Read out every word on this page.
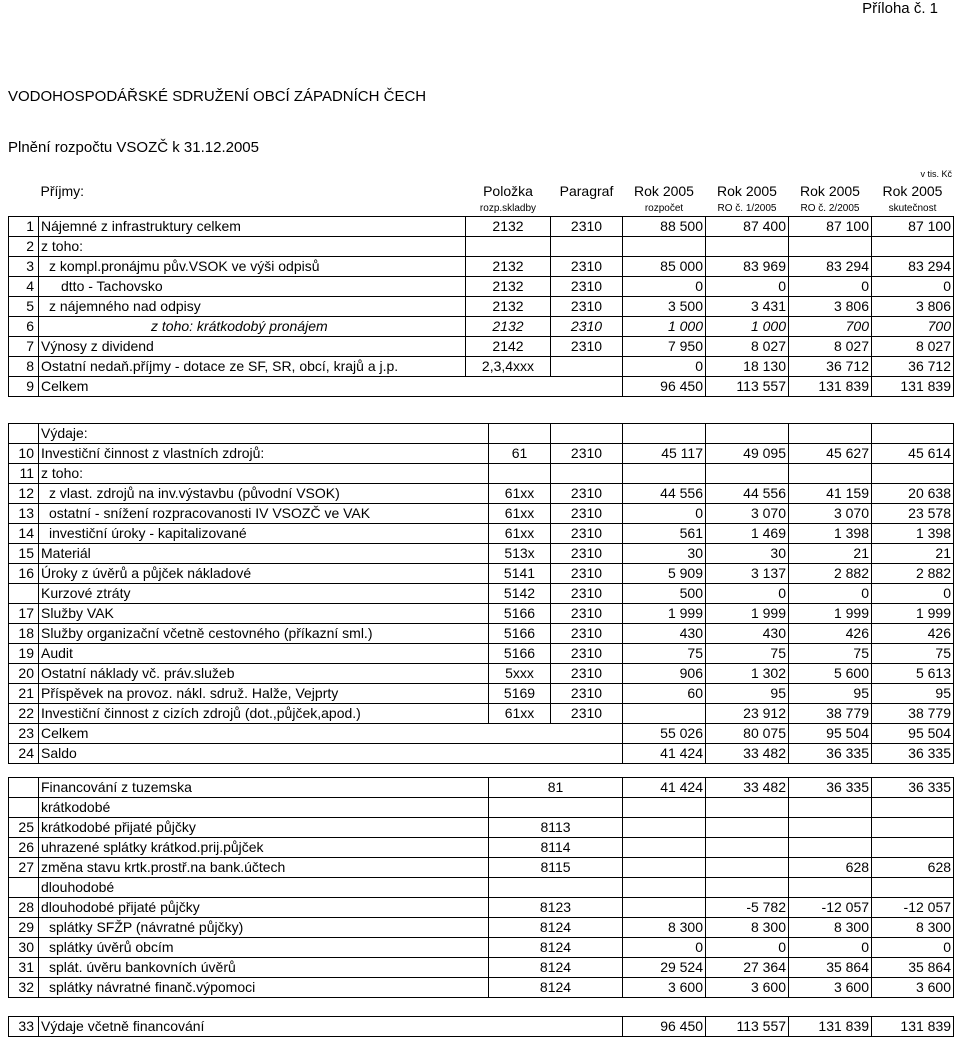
Příloha č. 1
VODOHOSPODÁŘSKÉ SDRUŽENÍ OBCÍ ZÁPADNÍCH ČECH
Plnění rozpočtu VSOZČ k 31.12.2005
v tis. Kč
	Příjmy:	Položka	Paragraf	Rok 2005	Rok 2005	Rok 2005	Rok 2005
		rozp.skladby		rozpočet	RO č. 1/2005	RO č. 2/2005	skutečnost
1	Nájemné z infrastruktury celkem	2132	2310	88 500	87 400	87 100	87 100
2	z toho:						
3	z kompl.pronájmu pův.VSOK ve výši odpisů	2132	2310	85 000	83 969	83 294	83 294
4	dtto - Tachovsko	2132	2310	0	0	0	0
5	z nájemného nad odpisy	2132	2310	3 500	3 431	3 806	3 806
6	z toho: krátkodobý pronájem	2132	2310	1 000	1 000	700	700
7	Výnosy z dividend	2142	2310	7 950	8 027	8 027	8 027
8	Ostatní nedaň.příjmy - dotace ze SF, SR, obcí, krajů a j.p.	2,3,4xxx		0	18 130	36 712	36 712
9	Celkem			96 450	113 557	131 839	131 839
	Výdaje:						
10	Investiční činnost z vlastních zdrojů:	61	2310	45 117	49 095	45 627	45 614
11	z toho:						
12	z vlast. zdrojů na inv.výstavbu (původní VSOK)	61xx	2310	44 556	44 556	41 159	20 638
13	ostatní - snížení rozpracovanosti IV VSOZČ ve VAK	61xx	2310	0	3 070	3 070	23 578
14	investiční úroky - kapitalizované	61xx	2310	561	1 469	1 398	1 398
15	Materiál	513x	2310	30	30	21	21
16	Úroky z úvěrů a půjček nákladové	5141	2310	5 909	3 137	2 882	2 882
	Kurzové ztráty	5142	2310	500	0	0	0
17	Služby VAK	5166	2310	1 999	1 999	1 999	1 999
18	Služby organizační včetně cestovného (příkazní sml.)	5166	2310	430	430	426	426
19	Audit	5166	2310	75	75	75	75
20	Ostatní náklady vč. práv.služeb	5xxx	2310	906	1 302	5 600	5 613
21	Příspěvek na provoz. nákl. sdruž. Halže, Vejprty	5169	2310	60	95	95	95
22	Investiční činnost z cizích zdrojů (dot.,půjček,apod.)	61xx	2310		23 912	38 779	38 779
23	Celkem			55 026	80 075	95 504	95 504
24	Saldo			41 424	33 482	36 335	36 335
	Financování z tuzemska	81	41 424	33 482	36 335	36 335
	krátkodobé					
25	krátkodobé přijaté půjčky	8113				
26	uhrazené splátky krátkod.prij.půjček	8114				
27	změna stavu krtk.prostř.na bank.účtech	8115			628	628
	dlouhodobé					
28	dlouhodobé přijaté půjčky	8123		-5 782	-12 057	-12 057
29	splátky SFŽP (návratné půjčky)	8124	8 300	8 300	8 300	8 300
30	splátky úvěrů obcím	8124	0	0	0	0
31	splát. úvěru bankovních úvěrů	8124	29 524	27 364	35 864	35 864
32	splátky návratné finanč.výpomoci	8124	3 600	3 600	3 600	3 600
33	Výdaje včetně financování	96 450	113 557	131 839	131 839
